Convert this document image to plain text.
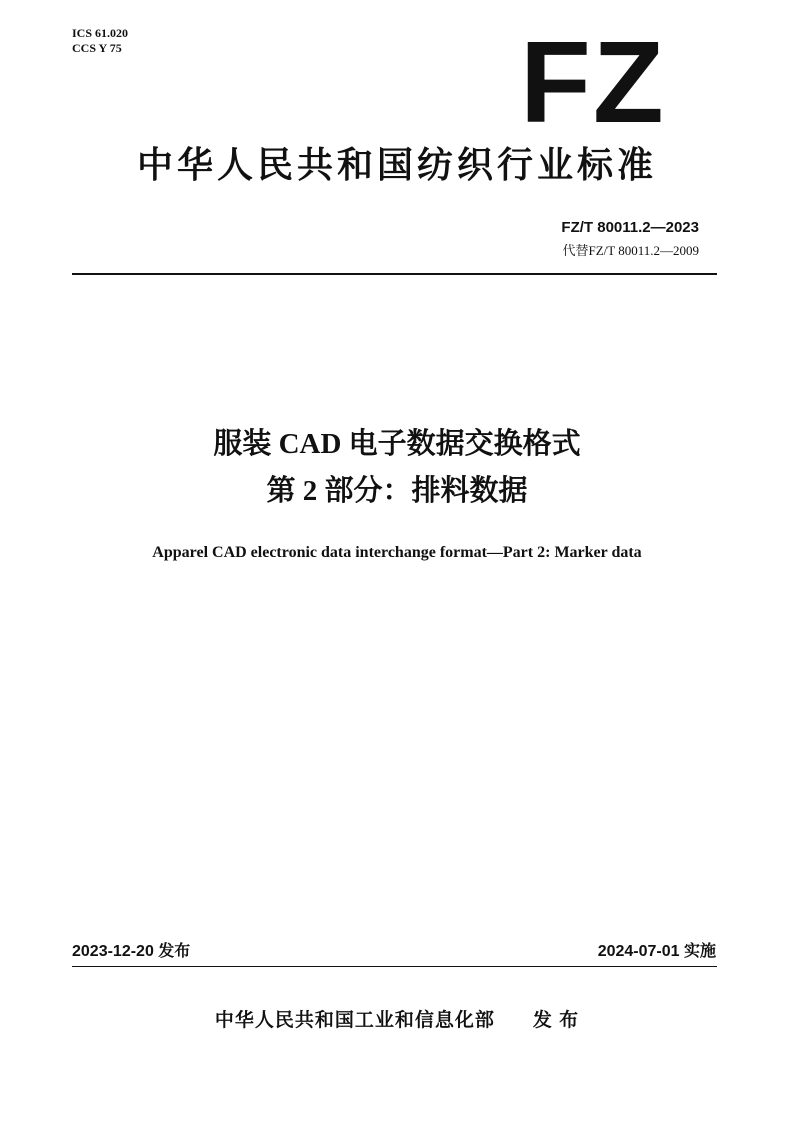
ICS 61.020
CCS Y 75	FZ
中华人民共和国纺织行业标准
FZ/T 80011.2—2023
代替FZ/T 80011.2—2009
服装 CAD 电子数据交换格式
第 2 部分：排料数据
Apparel CAD electronic data interchange format—Part 2: Marker data
2023-12-20 发布	2024-07-01 实施
中华人民共和国工业和信息化部 发 布
